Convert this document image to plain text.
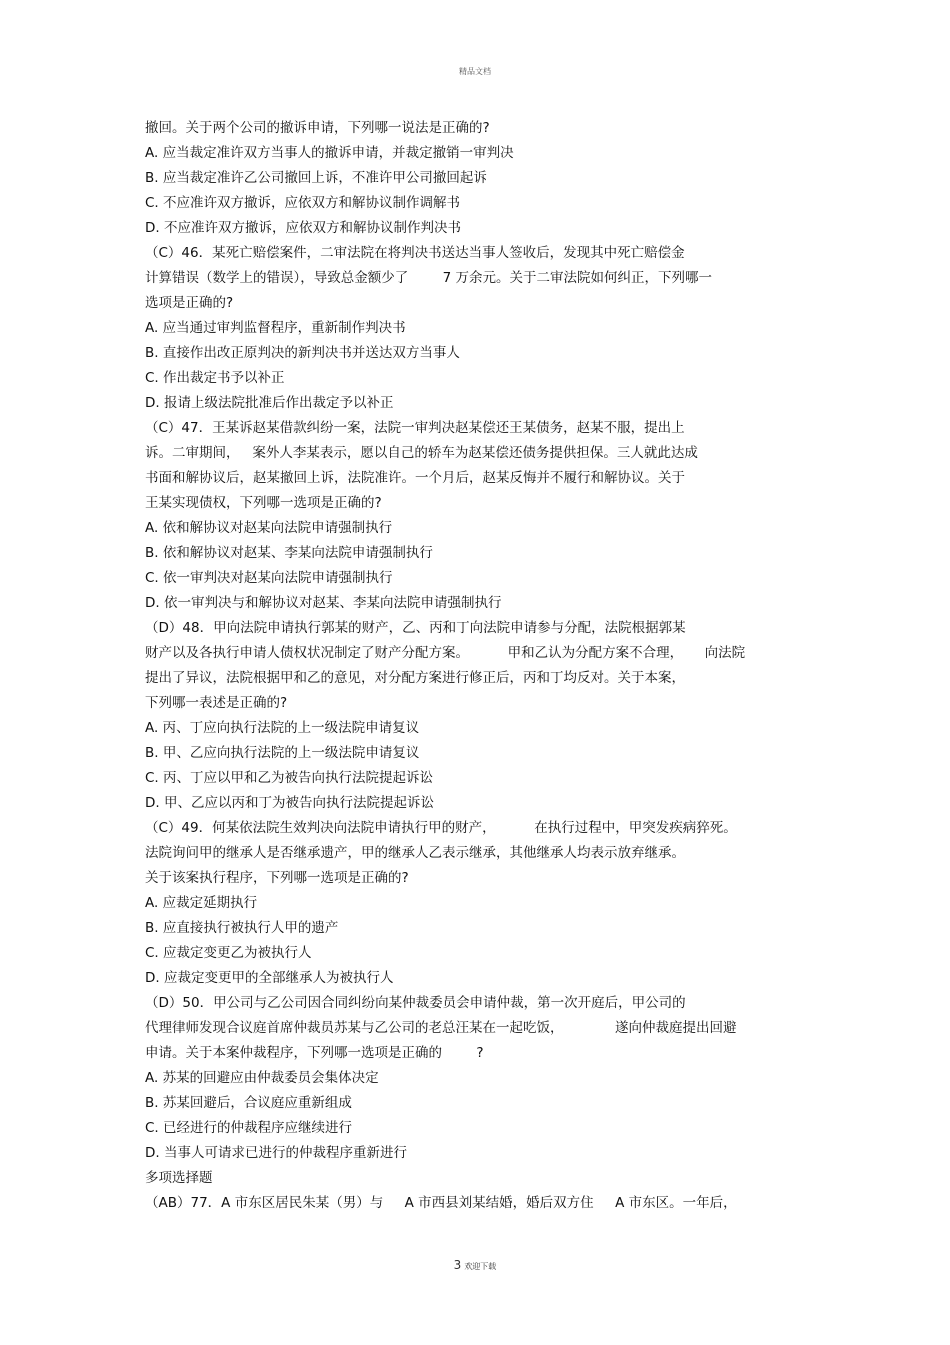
精品文档
撤回。关于两个公司的撤诉申请，下列哪一说法是正确的?
A. 应当裁定准许双方当事人的撤诉申请，并裁定撤销一审判决
B. 应当裁定准许乙公司撤回上诉，不准许甲公司撤回起诉
C. 不应准许双方撤诉，应依双方和解协议制作调解书
D. 不应准许双方撤诉，应依双方和解协议制作判决书
（C）46．某死亡赔偿案件，二审法院在将判决书送达当事人签收后，发现其中死亡赔偿金
计算错误（数学上的错误），导致总金额少了        7 万余元。关于二审法院如何纠正，下列哪一
选项是正确的?
A. 应当通过审判监督程序，重新制作判决书
B. 直接作出改正原判决的新判决书并送达双方当事人
C. 作出裁定书予以补正
D. 报请上级法院批准后作出裁定予以补正
（C）47．王某诉赵某借款纠纷一案，法院一审判决赵某偿还王某债务，赵某不服，提出上
诉。二审期间，   案外人李某表示，愿以自己的轿车为赵某偿还债务提供担保。三人就此达成
书面和解协议后，赵某撤回上诉，法院准许。一个月后，赵某反悔并不履行和解协议。关于
王某实现债权，下列哪一选项是正确的?
A. 依和解协议对赵某向法院申请强制执行
B. 依和解协议对赵某、李某向法院申请强制执行
C. 依一审判决对赵某向法院申请强制执行
D. 依一审判决与和解协议对赵某、李某向法院申请强制执行
（D）48．甲向法院申请执行郭某的财产，乙、丙和丁向法院申请参与分配，法院根据郭某
财产以及各执行申请人债权状况制定了财产分配方案。         甲和乙认为分配方案不合理，     向法院
提出了异议，法院根据甲和乙的意见，对分配方案进行修正后，丙和丁均反对。关于本案，
下列哪一表述是正确的?
A. 丙、丁应向执行法院的上一级法院申请复议
B. 甲、乙应向执行法院的上一级法院申请复议
C. 丙、丁应以甲和乙为被告向执行法院提起诉讼
D. 甲、乙应以丙和丁为被告向执行法院提起诉讼
（C）49．何某依法院生效判决向法院申请执行甲的财产，         在执行过程中，甲突发疾病猝死。
法院询问甲的继承人是否继承遗产，甲的继承人乙表示继承，其他继承人均表示放弃继承。
关于该案执行程序，下列哪一选项是正确的?
A. 应裁定延期执行
B. 应直接执行被执行人甲的遗产
C. 应裁定变更乙为被执行人
D. 应裁定变更甲的全部继承人为被执行人
（D）50．甲公司与乙公司因合同纠纷向某仲裁委员会申请仲裁，第一次开庭后，甲公司的
代理律师发现合议庭首席仲裁员苏某与乙公司的老总汪某在一起吃饭，            遂向仲裁庭提出回避
申请。关于本案仲裁程序，下列哪一选项是正确的        ?
A. 苏某的回避应由仲裁委员会集体决定
B. 苏某回避后，合议庭应重新组成
C. 已经进行的仲裁程序应继续进行
D. 当事人可请求已进行的仲裁程序重新进行
多项选择题
（AB）77．A 市东区居民朱某（男）与     A 市西县刘某结婚，婚后双方住     A 市东区。一年后，
3 欢迎下载
